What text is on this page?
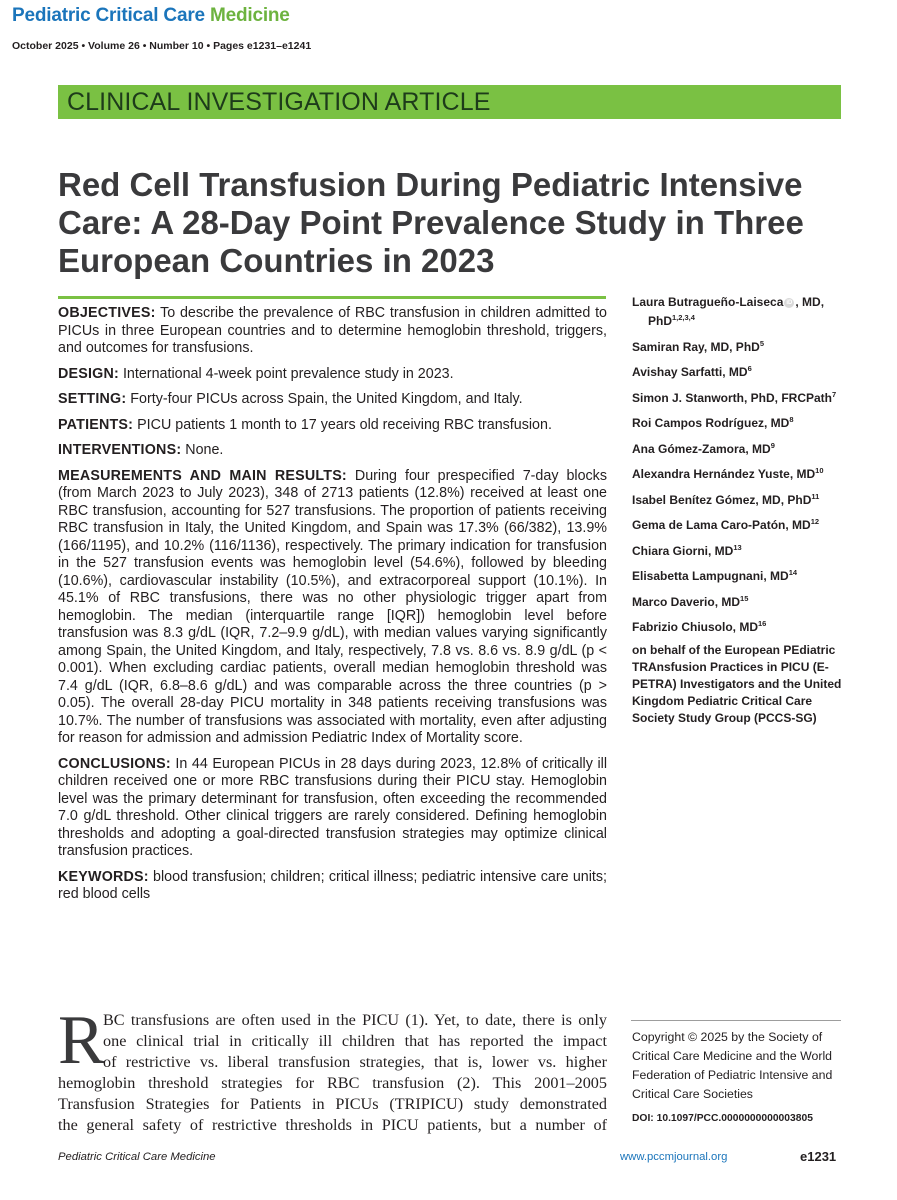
Pediatric Critical Care Medicine
October 2025 • Volume 26 • Number 10 • Pages e1231–e1241
CLINICAL INVESTIGATION ARTICLE
Red Cell Transfusion During Pediatric Intensive Care: A 28-Day Point Prevalence Study in Three European Countries in 2023

OBJECTIVES: To describe the prevalence of RBC transfusion in children admitted to PICUs in three European countries and to determine hemoglobin threshold, triggers, and outcomes for transfusions.

DESIGN: International 4-week point prevalence study in 2023.

SETTING: Forty-four PICUs across Spain, the United Kingdom, and Italy.

PATIENTS: PICU patients 1 month to 17 years old receiving RBC transfusion.

INTERVENTIONS: None.

MEASUREMENTS AND MAIN RESULTS: During four prespecified 7-day blocks (from March 2023 to July 2023), 348 of 2713 patients (12.8%) received at least one RBC transfusion, accounting for 527 transfusions. The proportion of patients receiving RBC transfusion in Italy, the United Kingdom, and Spain was 17.3% (66/382), 13.9% (166/1195), and 10.2% (116/1136), respectively. The primary indication for transfusion in the 527 transfusion events was hemoglobin level (54.6%), followed by bleeding (10.6%), cardiovascular instability (10.5%), and extracorporeal support (10.1%). In 45.1% of RBC transfusions, there was no other physiologic trigger apart from hemoglobin. The median (interquartile range [IQR]) hemoglobin level before transfusion was 8.3 g/dL (IQR, 7.2–9.9 g/dL), with median values varying significantly among Spain, the United Kingdom, and Italy, respectively, 7.8 vs. 8.6 vs. 8.9 g/dL (p < 0.001). When excluding cardiac patients, overall median hemoglobin threshold was 7.4 g/dL (IQR, 6.8–8.6 g/dL) and was comparable across the three countries (p > 0.05). The overall 28-day PICU mortality in 348 patients receiving transfusions was 10.7%. The number of transfusions was associated with mortality, even after adjusting for reason for admission and admission Pediatric Index of Mortality score.

CONCLUSIONS: In 44 European PICUs in 28 days during 2023, 12.8% of critically ill children received one or more RBC transfusions during their PICU stay. Hemoglobin level was the primary determinant for transfusion, often exceeding the recommended 7.0 g/dL threshold. Other clinical triggers are rarely considered. Defining hemoglobin thresholds and adopting a goal-directed transfusion strategies may optimize clinical transfusion practices.

KEYWORDS: blood transfusion; children; critical illness; pediatric intensive care units; red blood cells

Laura Butragueño-Laiseca iD , MD, PhD$^{1,2,3,4}$
Samiran Ray, MD, PhD$^5$
Avishay Sarfatti, $MD^6$
Simon J. Stanworth, PhD, FRCPath$^7$
Roi Campos Rodríguez, $MD^8$
Ana Gómez-Zamora, $MD^9$
Alexandra Hernández Yuste, MD$^{10}$
Isabel Benítez Gómez, MD, PhD$^{11}$
Gema de Lama Caro-Patón, MD$^{12}$
Chiara Giorni, MD$^{13}$
Elisabetta Lampugnani, MD$^{14}$
Marco Daverio, MD$^{15}$
Fabrizio Chiusolo, MD$^{16}$
on behalf of the European PEdiatric TRAnsfusion Practices in PICU (E-PETRA) Investigators and the United Kingdom Pediatric Critical Care Society Study Group (PCCS-SG)
R
BC transfusions are often used in the PICU (1). Yet, to date, there is only
one clinical trial in critically ill children that has reported the impact
of restrictive vs. liberal transfusion strategies, that is, lower vs. higher
hemoglobin threshold strategies for RBC transfusion (2). This 2001–2005
Transfusion Strategies for Patients in PICUs (TRIPICU) study demonstrated
the general safety of restrictive thresholds in PICU patients, but a number of
Copyright © 2025 by the Society of Critical Care Medicine and the World Federation of Pediatric Intensive and Critical Care Societies
DOI: 10.1097/PCC.0000000000003805
Pediatric Critical Care Medicine	www.pccmjournal.org	e1231
